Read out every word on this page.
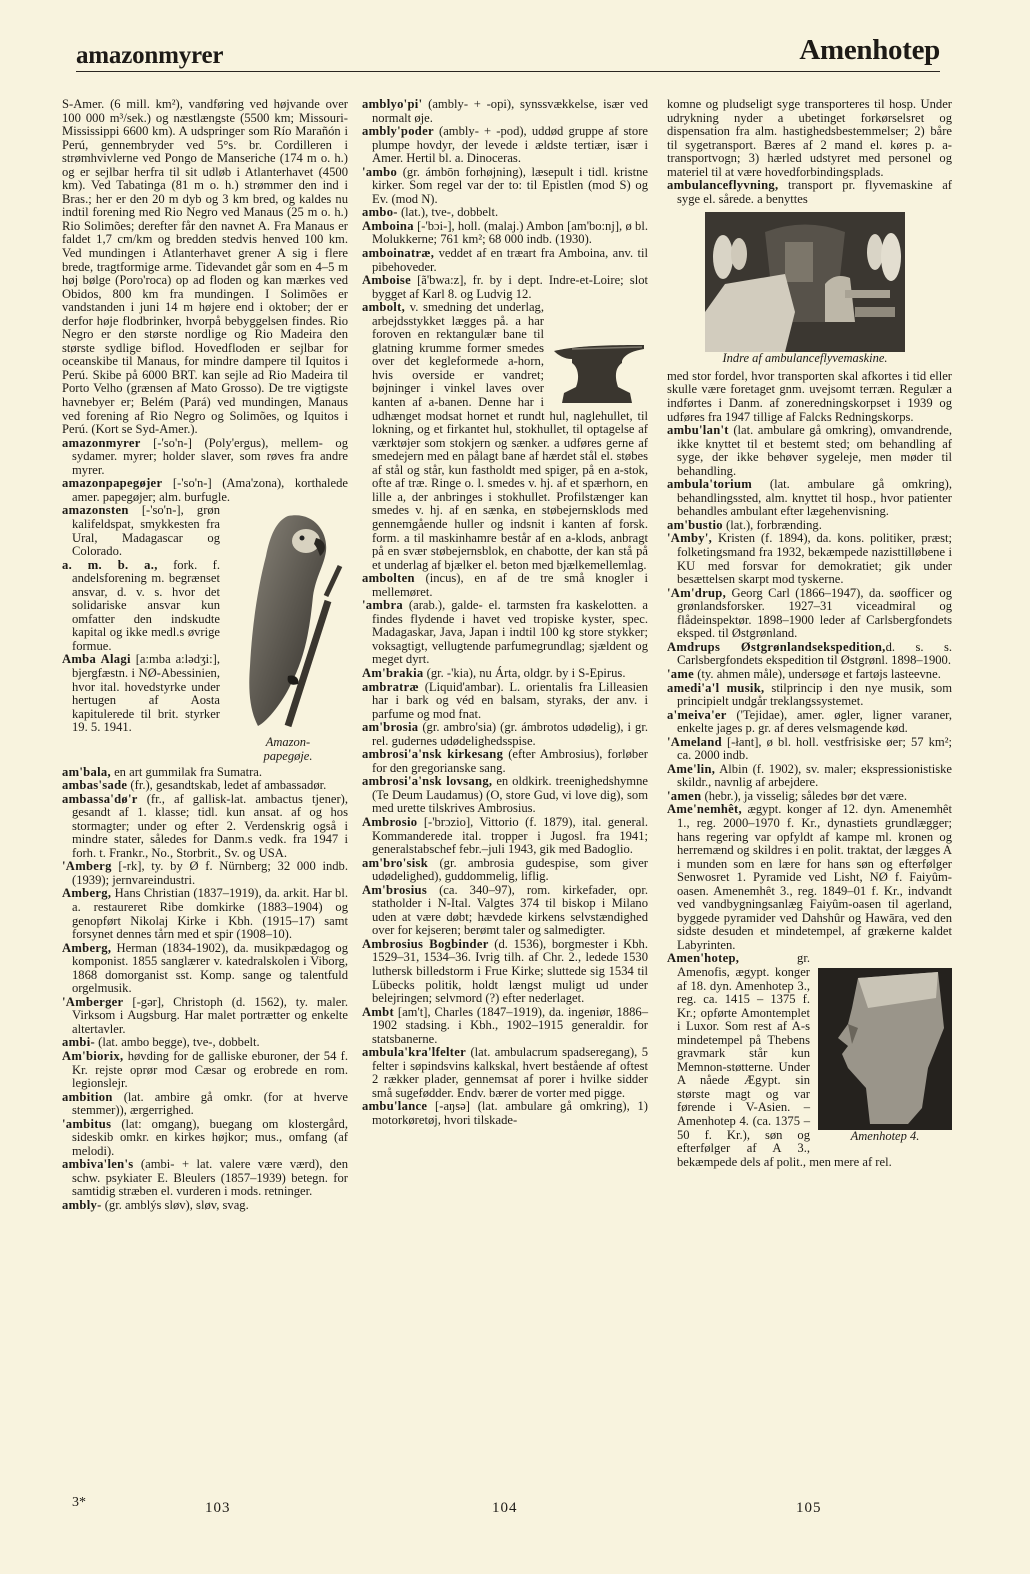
amazonmyrer	Amenhotep

S-Amer. (6 mill. km²), vandføring ved højvande over 100 000 m³/sek.) og næstlængste (5500 km; Missouri-Mississippi 6600 km). A udspringer som Río Marañón i Perú, gennembryder ved 5°s. br. Cordilleren i strømhvivlerne ved Pongo de Manseriche (174 m o. h.) og er sejlbar herfra til sit udløb i Atlanterhavet (4500 km). Ved Tabatinga (81 m o. h.) strømmer den ind i Bras.; her er den 20 m dyb og 3 km bred, og kaldes nu indtil forening med Rio Negro ved Manaus (25 m o. h.) Rio Solimões; derefter får den navnet A. Fra Manaus er faldet 1,7 cm/km og bredden stedvis henved 100 km. Ved mundingen i Atlanterhavet grener A sig i flere brede, tragtformige arme. Tidevandet går som en 4–5 m høj bølge (Poro'roca) op ad floden og kan mærkes ved Obidos, 800 km fra mundingen. I Solimões er vandstanden i juni 14 m højere end i oktober; der er derfor høje flodbrinker, hvorpå bebyggelsen findes. Rio Negro er den største nordlige og Rio Madeira den største sydlige biflod. Hovedfloden er sejlbar for oceanskibe til Manaus, for mindre dampere til Iquitos i Perú. Skibe på 6000 BRT. kan sejle ad Rio Madeira til Porto Velho (grænsen af Mato Grosso). De tre vigtigste havnebyer er; Belém (Pará) ved mundingen, Manaus ved forening af Rio Negro og Solimões, og Iquitos i Perú. (Kort se Syd-Amer.).

amazonmyrer [-'so'n-] (Poly'ergus), mellem- og sydamer. myrer; holder slaver, som røves fra andre myrer.

amazonpapegøjer [-'so'n-] (Ama'zona), korthalede amer. papegøjer; alm. burfugle.

Amazon-
papegøje.

amazonsten [-'so'n-], grøn kalifeldspat, smykkesten fra Ural, Madagascar og Colorado.

a. m. b. a., fork. f. andelsforening m. begrænset ansvar, d. v. s. hvor det solidariske ansvar kun omfatter den indskudte kapital og ikke medl.s øvrige formue.

Amba Alagi [a:mba a:lədʒi:], bjergfæstn. i NØ-Abessinien, hvor ital. hovedstyrke under hertugen af Aosta kapitulerede til brit. styrker 19. 5. 1941.

am'bala, en art gummilak fra Sumatra.

ambas'sade (fr.), gesandtskab, ledet af ambassadør.

ambassa'dø'r (fr., af gallisk-lat. ambactus tjener), gesandt af 1. klasse; tidl. kun ansat. af og hos stormagter; under og efter 2. Verdenskrig også i mindre stater, således for Danm.s vedk. fra 1947 i forh. t. Frankr., No., Storbrit., Sv. og USA.

'Amberg [-rk], ty. by Ø f. Nürnberg; 32 000 indb. (1939); jernvareindustri.

Amberg, Hans Christian (1837–1919), da. arkit. Har bl. a. restaureret Ribe domkirke (1883–1904) og genopført Nikolaj Kirke i Kbh. (1915–17) samt forsynet dennes tårn med et spir (1908–10).

Amberg, Herman (1834-1902), da. musikpædagog og komponist. 1855 sanglærer v. katedralskolen i Viborg, 1868 domorganist sst. Komp. sange og talentfuld orgelmusik.

'Amberger [-gər], Christoph (d. 1562), ty. maler. Virksom i Augsburg. Har malet portrætter og enkelte altertavler.

ambi- (lat. ambo begge), tve-, dobbelt.

Am'biorix, høvding for de galliske eburoner, der 54 f. Kr. rejste oprør mod Cæsar og erobrede en rom. legionslejr.

ambition (lat. ambire gå omkr. (for at hverve stemmer)), ærgerrighed.

'ambitus (lat: omgang), buegang om klostergård, sideskib omkr. en kirkes højkor; mus., omfang (af melodi).

ambiva'len's (ambi- + lat. valere være værd), den schw. psykiater E. Bleulers (1857–1939) betegn. for samtidig stræben el. vurderen i mods. retninger.

ambly- (gr. amblýs sløv), sløv, svag.

amblyo'pi' (ambly- + -opi), synssvækkelse, især ved normalt øje.

ambly'poder (ambly- + -pod), uddød gruppe af store plumpe hovdyr, der levede i ældste tertiær, især i Amer. Hertil bl. a. Dinoceras.

'ambo (gr. ámbōn forhøjning), læsepult i tidl. kristne kirker. Som regel var der to: til Epistlen (mod S) og Ev. (mod N).

ambo- (lat.), tve-, dobbelt.

Amboina [-'bɔi-], holl. (malaj.) Ambon [am'bo:nj], ø bl. Molukkerne; 761 km²; 68 000 indb. (1930).

amboinatræ, veddet af en træart fra Amboina, anv. til pibehoveder.

Amboise [ã'bwa:z], fr. by i dept. Indre-et-Loire; slot bygget af Karl 8. og Ludvig 12.

ambolt, v. smedning det underlag, arbejdsstykket lægges på. a har foroven en rektangulær bane til glatning krumme former smedes over det kegleformede a-horn, hvis overside er vandret; bøjninger i vinkel laves over kanten af a-banen. Denne har i udhænget modsat hornet et rundt hul, naglehullet, til lokning, og et firkantet hul, stokhullet, til optagelse af værktøjer som stokjern og sænker. a udføres gerne af smedejern med en pålagt bane af hærdet stål el. støbes af stål og står, kun fastholdt med spiger, på en a-stok, ofte af træ. Ringe o. l. smedes v. hj. af et spærhorn, en lille a, der anbringes i stokhullet. Profilstænger kan smedes v. hj. af en sænka, en støbejernsklods med gennemgående huller og indsnit i kanten af forsk. form. a til maskinhamre består af en a-klods, anbragt på en svær støbejernsblok, en chabotte, der kan stå på et underlag af bjælker el. beton med bjælkemellemlag.

ambolten (incus), en af de tre små knogler i mellemøret.

'ambra (arab.), galde- el. tarmsten fra kaskelotten. a findes flydende i havet ved tropiske kyster, spec. Madagaskar, Java, Japan i indtil 100 kg store stykker; voksagtigt, vellugtende parfumegrundlag; sjældent og meget dyrt.

Am'brakia (gr. -'kia), nu Árta, oldgr. by i S-Epirus.

ambratræ (Liquid'ambar). L. orientalis fra Lilleasien har i bark og véd en balsam, styraks, der anv. i parfume og mod fnat.

am'brosia (gr. ambro'sia) (gr. ámbrotos udødelig), i gr. rel. gudernes udødelighedsspise.

ambrosi'a'nsk kirkesang (efter Ambrosius), forløber for den gregorianske sang.

ambrosi'a'nsk lovsang, en oldkirk. treenighedshymne (Te Deum Laudamus) (O, store Gud, vi love dig), som med urette tilskrives Ambrosius.

Ambrosio [-'brɔzio], Vittorio (f. 1879), ital. general. Kommanderede ital. tropper i Jugosl. fra 1941; generalstabschef febr.–juli 1943, gik med Badoglio.

am'bro'sisk (gr. ambrosia gudespise, som giver udødelighed), guddommelig, liflig.

Am'brosius (ca. 340–97), rom. kirkefader, opr. statholder i N-Ital. Valgtes 374 til biskop i Milano uden at være døbt; hævdede kirkens selvstændighed over for kejseren; berømt taler og salmedigter.

Ambrosius Bogbinder (d. 1536), borgmester i Kbh. 1529–31, 1534–36. Ivrig tilh. af Chr. 2., ledede 1530 luthersk billedstorm i Frue Kirke; sluttede sig 1534 til Lübecks politik, holdt længst muligt ud under belejringen; selvmord (?) efter nederlaget.

Ambt [am't], Charles (1847–1919), da. ingeniør, 1886–1902 stadsing. i Kbh., 1902–1915 generaldir. for statsbanerne.

ambula'kra'lfelter (lat. ambulacrum spadseregang), 5 felter i søpindsvins kalkskal, hvert bestående af oftest 2 rækker plader, gennemsat af porer i hvilke sidder små sugefødder. Endv. bærer de vorter med pigge.

ambu'lance [-aŋsə] (lat. ambulare gå omkring), 1) motorkøretøj, hvori tilskade-

komne og pludseligt syge transporteres til hosp. Under udrykning nyder a ubetinget forkørselsret og dispensation fra alm. hastighedsbestemmelser; 2) båre til sygetransport. Bæres af 2 mand el. køres p. a-transportvogn; 3) hærled udstyret med personel og materiel til at være hovedforbindingsplads.

ambulanceflyvning, transport pr. flyvemaskine af syge el. sårede. a benyttes

Indre af ambulanceflyvemaskine.

med stor fordel, hvor transporten skal afkortes i tid eller skulle være foretaget gnm. uvejsomt terræn. Regulær a indførtes i Danm. af zoneredningskorpset i 1939 og udføres fra 1947 tillige af Falcks Redningskorps.

ambu'lan't (lat. ambulare gå omkring), omvandrende, ikke knyttet til et bestemt sted; om behandling af syge, der ikke behøver sygeleje, men møder til behandling.

ambula'torium (lat. ambulare gå omkring), behandlingssted, alm. knyttet til hosp., hvor patienter behandles ambulant efter lægehenvisning.

am'bustio (lat.), forbrænding.

'Amby', Kristen (f. 1894), da. kons. politiker, præst; folketingsmand fra 1932, bekæmpede nazisttilløbene i KU med forsvar for demokratiet; gik under besættelsen skarpt mod tyskerne.

'Am'drup, Georg Carl (1866–1947), da. søofficer og grønlandsforsker. 1927–31 viceadmiral og flådeinspektør. 1898–1900 leder af Carlsbergfondets eksped. til Østgrønland.

Amdrups Østgrønlandsekspedition,d. s. s. Carlsbergfondets ekspedition til Østgrønl. 1898–1900.

'ame (ty. ahmen måle), undersøge et fartøjs lasteevne.

amedi'a'l musik, stilprincip i den nye musik, som principielt undgår treklangssystemet.

a'meiva'er ('Tejidae), amer. øgler, ligner varaner, enkelte jages p. gr. af deres velsmagende kød.

'Ameland [-łant], ø bl. holl. vestfrisiske øer; 57 km²; ca. 2000 indb.

Ame'lin, Albin (f. 1902), sv. maler; ekspressionistiske skildr., navnlig af arbejdere.

'amen (hebr.), ja visselig; således bør det være.

Ame'nemhêt, ægypt. konger af 12. dyn. Amenemhêt 1., reg. 2000–1970 f. Kr., dynastiets grundlægger; hans regering var opfyldt af kampe ml. kronen og herremænd og skildres i en polit. traktat, der lægges A i munden som en lære for hans søn og efterfølger Senwosret 1. Pyramide ved Lisht, NØ f. Faiyûm-oasen. Amenemhêt 3., reg. 1849–01 f. Kr., indvandt ved vandbygningsanlæg Faiyûm-oasen til agerland, byggede pyramider ved Dahshûr og Hawāra, ved den sidste desuden et mindetempel, af grækerne kaldet Labyrinten.

Amenhotep 4.

Amen'hotep, gr. Amenofis, ægypt. konger af 18. dyn. Amenhotep 3., reg. ca. 1415 – 1375 f. Kr.; opførte Amontemplet i Luxor. Som rest af A-s mindetempel på Thebens gravmark står kun Memnon-støtterne. Under A nåede Ægypt. sin største magt og var førende i V-Asien. – Amenhotep 4. (ca. 1375 –50 f. Kr.), søn og efterfølger af A 3., bekæmpede dels af polit., men mere af rel.

3*	103	104	105
